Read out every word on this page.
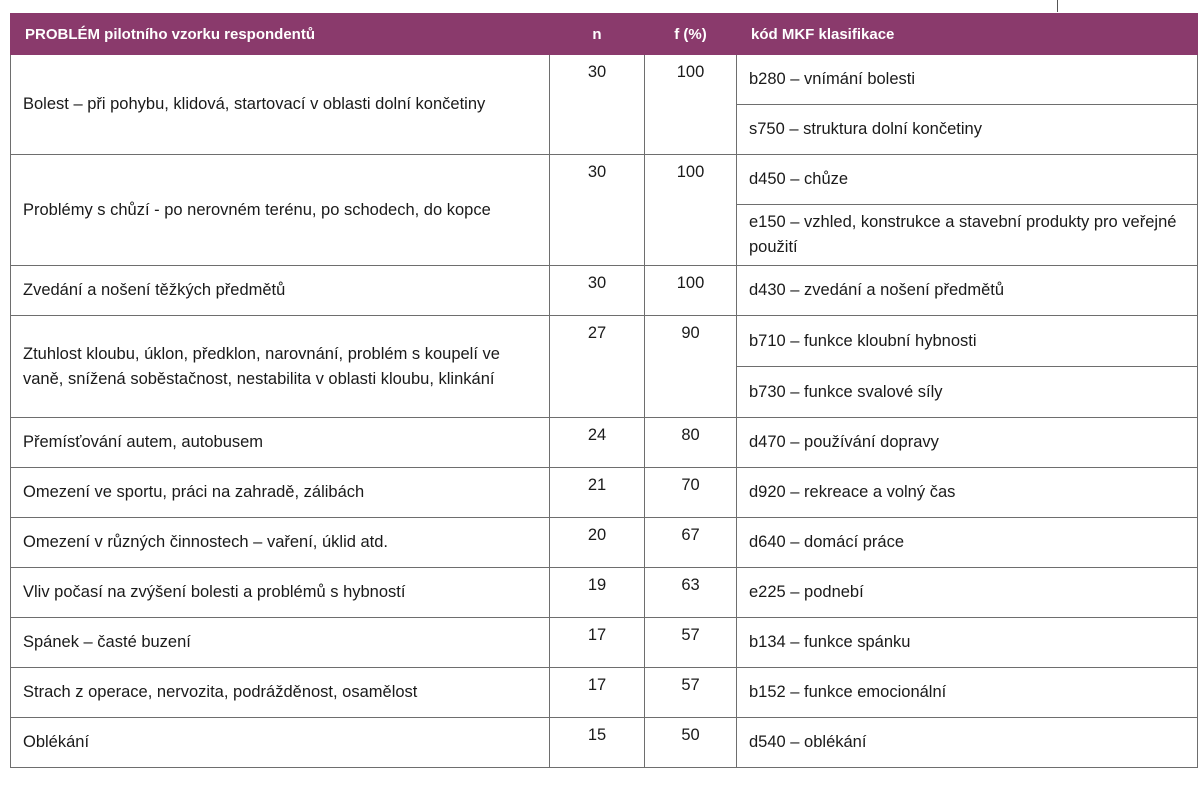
PROBLÉM pilotního vzorku respondentů	n	f (%)	kód MKF klasifikace
Bolest – při pohybu, klidová, startovací v oblasti dolní končetiny	30	100	b280 – vnímání bolesti
			s750 – struktura dolní končetiny
Problémy s chůzí - po nerovném terénu, po schodech, do kopce	30	100	d450 – chůze
			e150 – vzhled, konstrukce a stavební produkty pro veřejné použití
Zvedání a nošení těžkých předmětů	30	100	d430 – zvedání a nošení předmětů
Ztuhlost kloubu, úklon, předklon, narovnání, problém s koupelí ve vaně, snížená soběstačnost, nestabilita v oblasti kloubu, klinkání	27	90	b710 – funkce kloubní hybnosti
			b730 – funkce svalové síly
Přemísťování autem, autobusem	24	80	d470 – používání dopravy
Omezení ve sportu, práci na zahradě, zálibách	21	70	d920 – rekreace a volný čas
Omezení v různých činnostech – vaření, úklid atd.	20	67	d640 – domácí práce
Vliv počasí na zvýšení bolesti a problémů s hybností	19	63	e225 – podnebí
Spánek – časté buzení	17	57	b134 – funkce spánku
Strach z operace, nervozita, podrážděnost, osamělost	17	57	b152 – funkce emocionální
Oblékání	15	50	d540 – oblékání
